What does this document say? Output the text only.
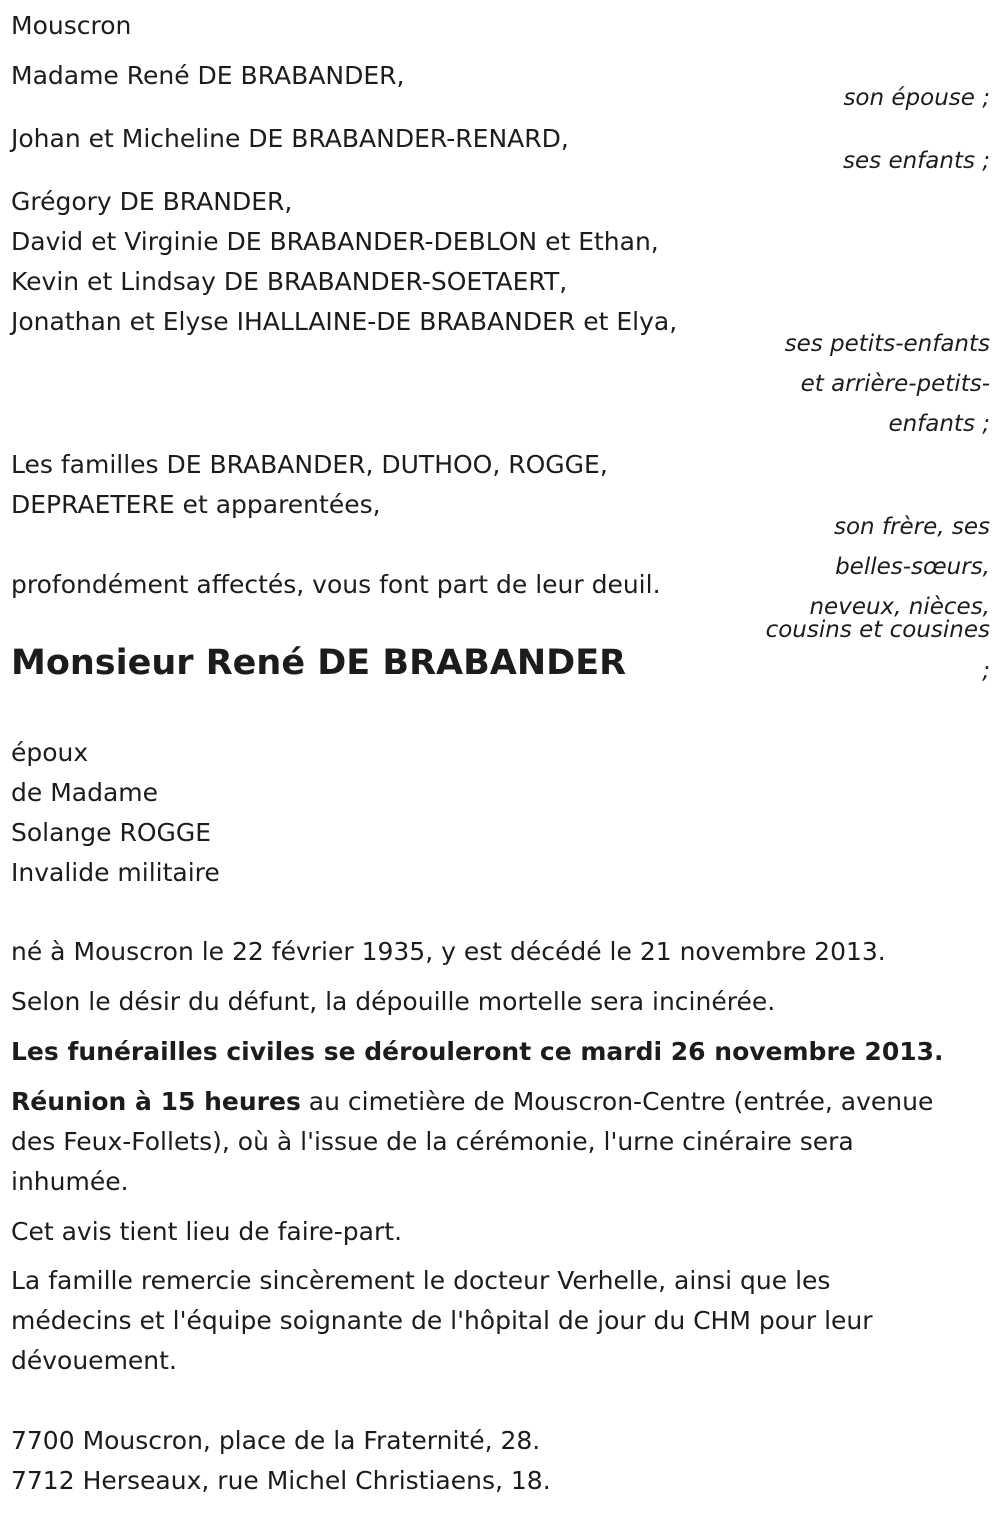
Mouscron
Madame René DE BRABANDER,
son épouse ;
Johan et Micheline DE BRABANDER-RENARD,
ses enfants ;
Grégory DE BRANDER,
David et Virginie DE BRABANDER-DEBLON et Ethan,
Kevin et Lindsay DE BRABANDER-SOETAERT,
Jonathan et Elyse IHALLAINE-DE BRABANDER et Elya,
ses petits-enfants
et arrière-petits-
enfants ;
Les familles DE BRABANDER, DUTHOO, ROGGE,
DEPRAETERE et apparentées,
son frère, ses
belles-sœurs,
neveux, nièces,
cousins et cousines
;
profondément affectés, vous font part de leur deuil.
Monsieur René DE BRABANDER
époux
de Madame
Solange ROGGE
Invalide militaire
né à Mouscron le 22 février 1935, y est décédé le 21 novembre 2013.
Selon le désir du défunt, la dépouille mortelle sera incinérée.
Les funérailles civiles se dérouleront ce mardi 26 novembre 2013.
Réunion à 15 heures au cimetière de Mouscron-Centre (entrée, avenue
des Feux-Follets), où à l'issue de la cérémonie, l'urne cinéraire sera
inhumée.
Cet avis tient lieu de faire-part.
La famille remercie sincèrement le docteur Verhelle, ainsi que les
médecins et l'équipe soignante de l'hôpital de jour du CHM pour leur
dévouement.
7700 Mouscron, place de la Fraternité, 28.
7712 Herseaux, rue Michel Christiaens, 18.
